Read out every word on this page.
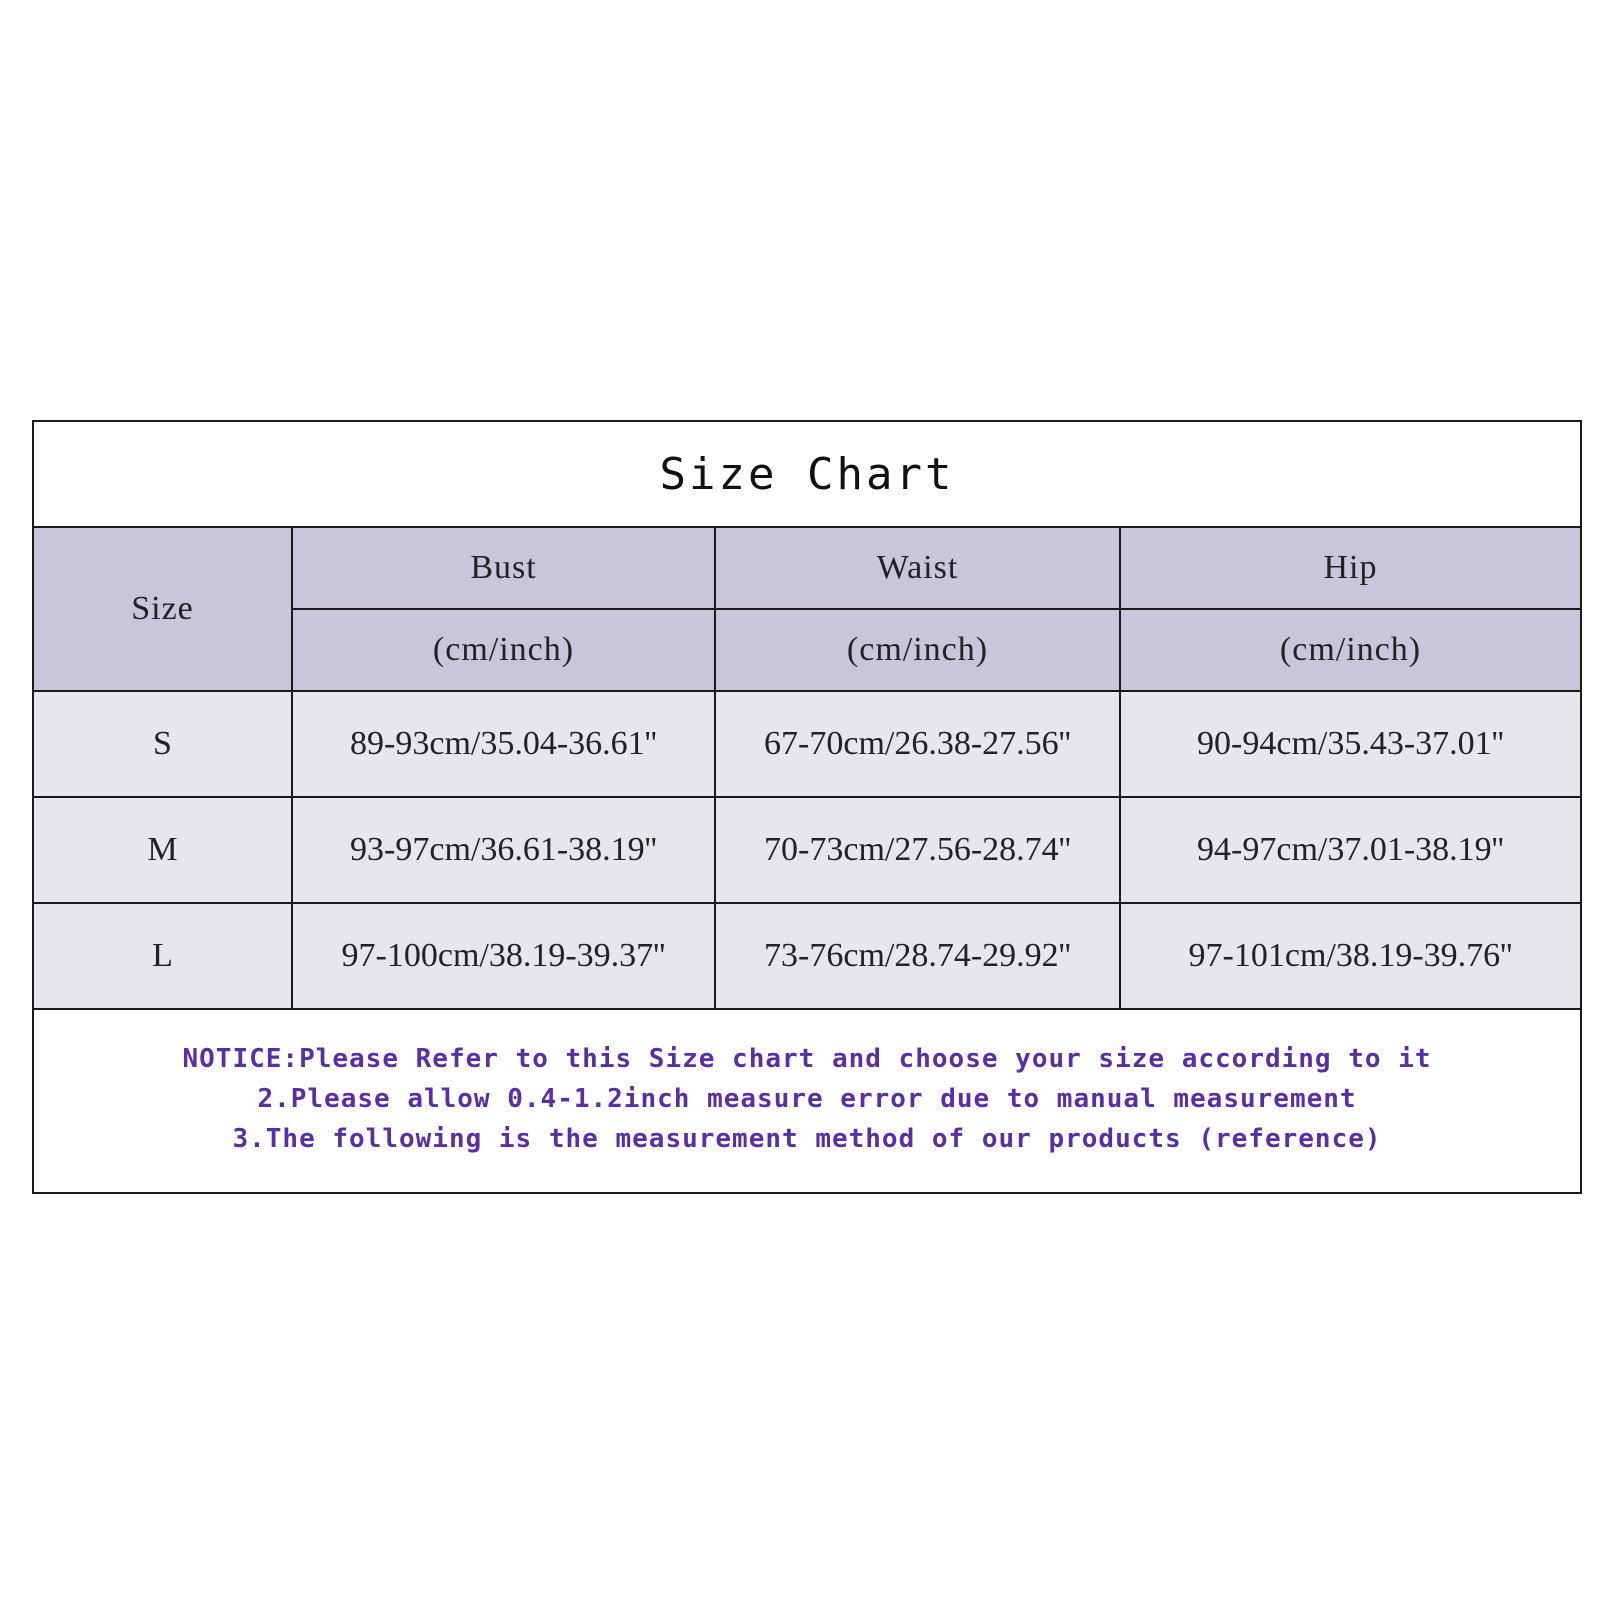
Size Chart
Size	Bust	Waist	Hip
	(cm/inch)	(cm/inch)	(cm/inch)
S	89-93cm/35.04-36.61''	67-70cm/26.38-27.56''	90-94cm/35.43-37.01''
M	93-97cm/36.61-38.19''	70-73cm/27.56-28.74''	94-97cm/37.01-38.19''
L	97-100cm/38.19-39.37''	73-76cm/28.74-29.92''	97-101cm/38.19-39.76''
NOTICE:Please Refer to this Size chart and choose your size according to it
2.Please allow 0.4-1.2inch measure error due to manual measurement
3.The following is the measurement method of our products (reference)
